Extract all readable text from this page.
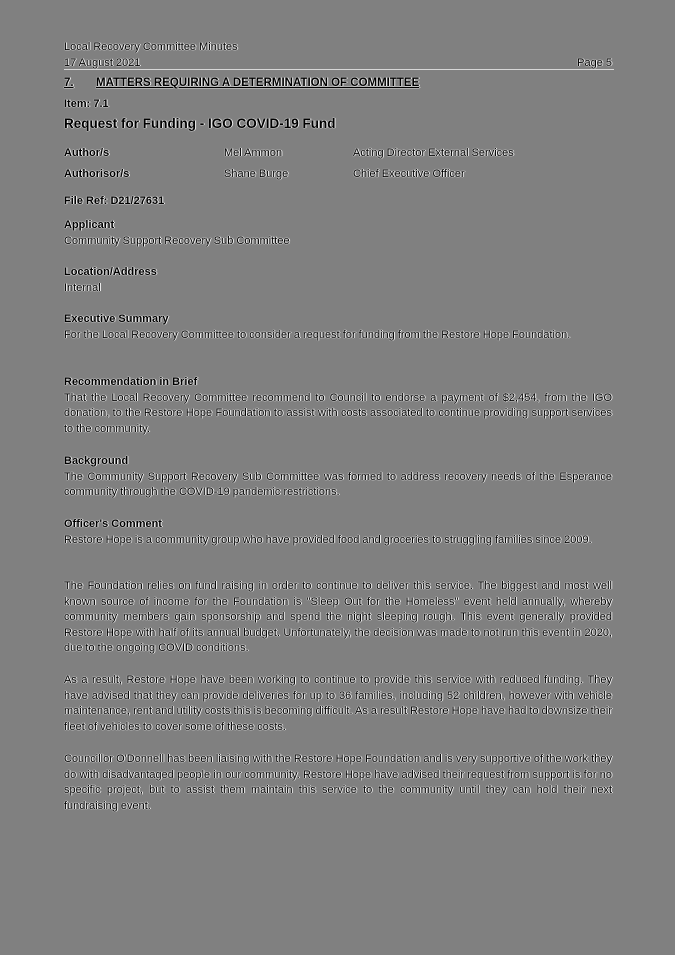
Local Recovery Committee Minutes
17 August 2021	Page 5
7. MATTERS REQUIRING A DETERMINATION OF COMMITTEE
Item: 7.1
Request for Funding - IGO COVID-19 Fund
Author/s	Mel Ammon	Acting Director External Services
Authorisor/s	Shane Burge	Chief Executive Officer
File Ref: D21/27631
Applicant
Community Support Recovery Sub Committee
Location/Address
Internal
Executive Summary
For the Local Recovery Committee to consider a request for funding from the Restore Hope Foundation.
Recommendation in Brief
That the Local Recovery Committee recommend to Council to endorse a payment of $2,454, from the IGO donation, to the Restore Hope Foundation to assist with costs associated to continue providing support services to the community.
Background
The Community Support Recovery Sub Committee was formed to address recovery needs of the Esperance community through the COVID-19 pandemic restrictions.
Officer's Comment
Restore Hope is a community group who have provided food and groceries to struggling families since 2009.
The Foundation relies on fund raising in order to continue to deliver this service. The biggest and most well known source of income for the Foundation is "Sleep Out for the Homeless" event held annually, whereby community members gain sponsorship and spend the night sleeping rough. This event generally provided Restore Hope with half of its annual budget. Unfortunately, the decision was made to not run this event in 2020, due to the ongoing COVID conditions.
As a result, Restore Hope have been working to continue to provide this service with reduced funding. They have advised that they can provide deliveries for up to 36 families, including 52 children, however with vehicle maintenance, rent and utility costs this is becoming difficult. As a result Restore Hope have had to downsize their fleet of vehicles to cover some of these costs.
Councillor O'Donnell has been liaising with the Restore Hope Foundation and is very supportive of the work they do with disadvantaged people in our community. Restore Hope have advised their request from support is for no specific project, but to assist them maintain this service to the community until they can hold their next fundraising event.
